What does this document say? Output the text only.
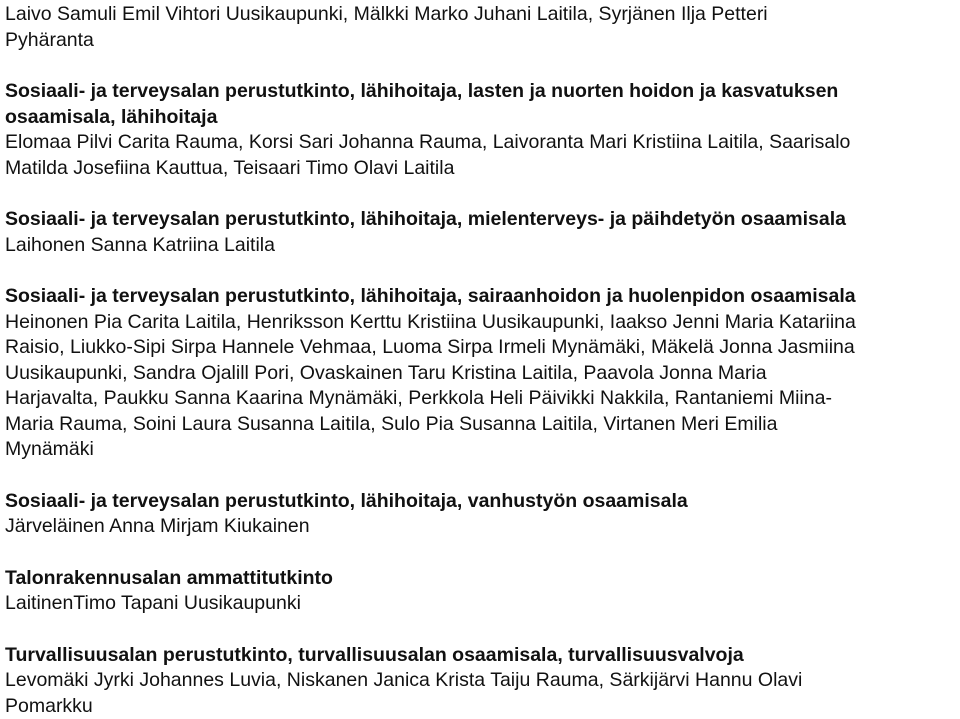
Laivo Samuli Emil Vihtori Uusikaupunki, Mälkki Marko Juhani Laitila, Syrjänen Ilja Petteri
Pyhäranta
Sosiaali- ja terveysalan perustutkinto, lähihoitaja, lasten ja nuorten hoidon ja kasvatuksen
osaamisala, lähihoitaja
Elomaa Pilvi Carita Rauma, Korsi Sari Johanna Rauma, Laivoranta Mari Kristiina Laitila, Saarisalo
Matilda Josefiina Kauttua, Teisaari Timo Olavi Laitila
Sosiaali- ja terveysalan perustutkinto, lähihoitaja, mielenterveys- ja päihdetyön osaamisala
Laihonen Sanna Katriina Laitila
Sosiaali- ja terveysalan perustutkinto, lähihoitaja, sairaanhoidon ja huolenpidon osaamisala
Heinonen Pia Carita Laitila, Henriksson Kerttu Kristiina Uusikaupunki, Iaakso Jenni Maria Katariina
Raisio, Liukko-Sipi Sirpa Hannele Vehmaa, Luoma Sirpa Irmeli Mynämäki, Mäkelä Jonna Jasmiina
Uusikaupunki, Sandra Ojalill Pori, Ovaskainen Taru Kristina Laitila, Paavola Jonna Maria
Harjavalta, Paukku Sanna Kaarina Mynämäki, Perkkola Heli Päivikki Nakkila, Rantaniemi Miina-
Maria Rauma, Soini Laura Susanna Laitila, Sulo Pia Susanna Laitila, Virtanen Meri Emilia
Mynämäki
Sosiaali- ja terveysalan perustutkinto, lähihoitaja, vanhustyön osaamisala
Järveläinen Anna Mirjam Kiukainen
Talonrakennusalan ammattitutkinto
LaitinenTimo Tapani Uusikaupunki
Turvallisuusalan perustutkinto, turvallisuusalan osaamisala, turvallisuusvalvoja
Levomäki Jyrki Johannes Luvia, Niskanen Janica Krista Taiju Rauma, Särkijärvi Hannu Olavi
Pomarkku
